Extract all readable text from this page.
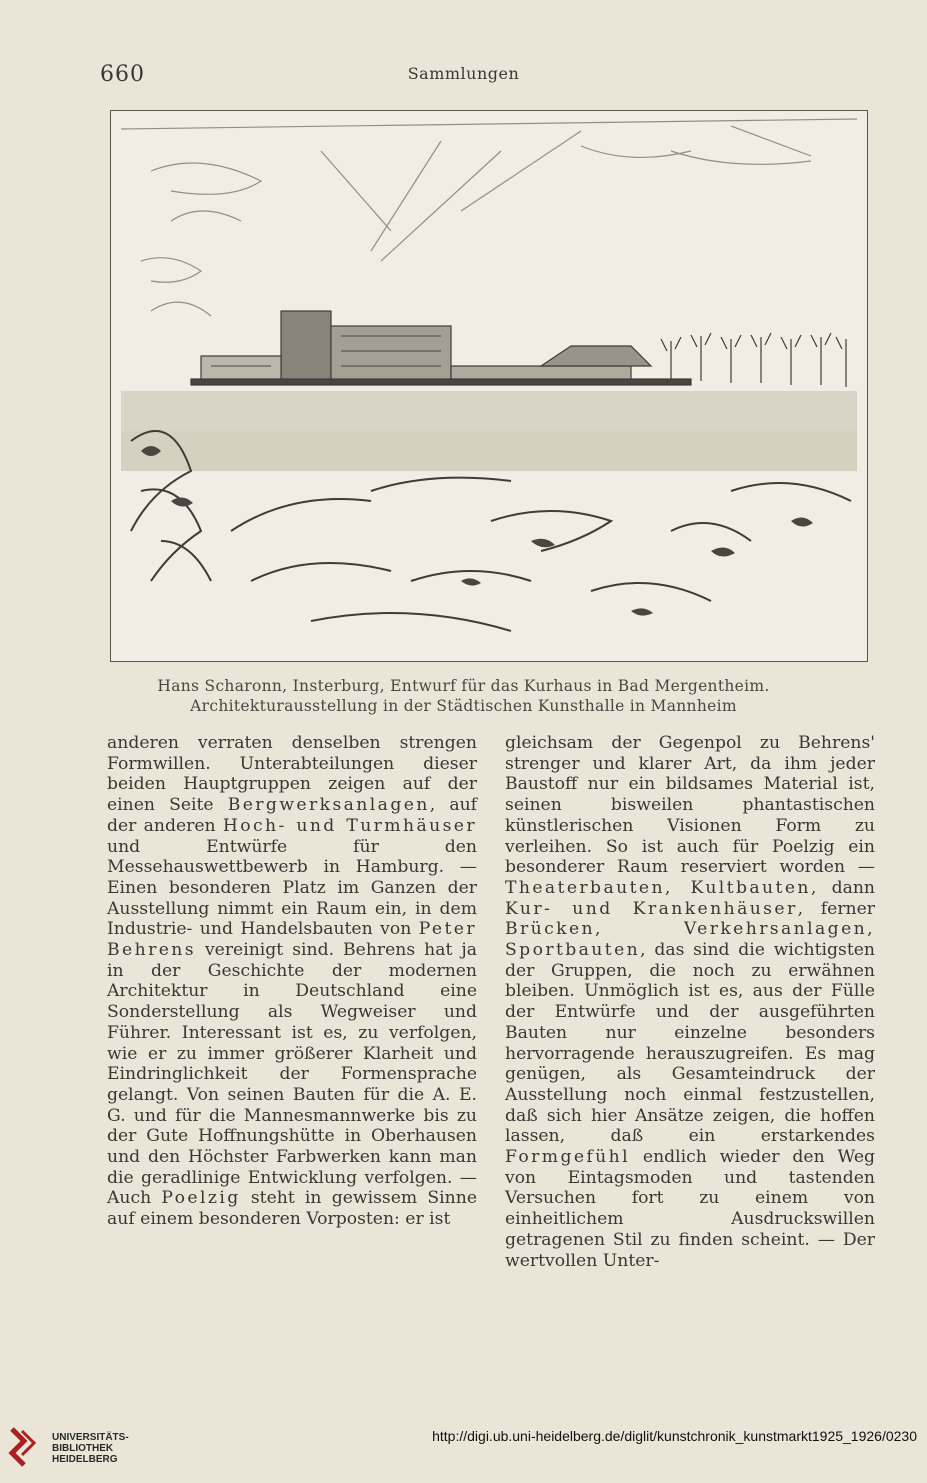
660	Sammlungen
Hans Scharonn, Insterburg, Entwurf für das Kurhaus in Bad Mergentheim.
Architekturausstellung in der Städtischen Kunsthalle in Mannheim

anderen verraten denselben strengen Formwillen. Unterabteilungen dieser beiden Hauptgruppen zeigen auf der einen Seite Bergwerksanlagen, auf der anderen Hoch- und Turmhäuser und Entwürfe für den Messehauswettbewerb in Hamburg. — Einen besonderen Platz im Ganzen der Ausstellung nimmt ein Raum ein, in dem Industrie- und Handelsbauten von Peter Behrens vereinigt sind. Behrens hat ja in der Geschichte der modernen Architektur in Deutschland eine Sonderstellung als Wegweiser und Führer. Interessant ist es, zu verfolgen, wie er zu immer größerer Klarheit und Eindringlichkeit der Formensprache gelangt. Von seinen Bauten für die A. E. G. und für die Mannesmannwerke bis zu der Gute Hoffnungshütte in Oberhausen und den Höchster Farbwerken kann man die geradlinige Entwicklung verfolgen. — Auch Poelzig steht in gewissem Sinne auf einem besonderen Vorposten: er ist

gleichsam der Gegenpol zu Behrens' strenger und klarer Art, da ihm jeder Baustoff nur ein bildsames Material ist, seinen bisweilen phantastischen künstlerischen Visionen Form zu verleihen. So ist auch für Poelzig ein besonderer Raum reserviert worden — Theaterbauten, Kultbauten, dann Kur- und Krankenhäuser, ferner Brücken, Verkehrsanlagen, Sportbauten, das sind die wichtigsten der Gruppen, die noch zu erwähnen bleiben. Unmöglich ist es, aus der Fülle der Entwürfe und der ausgeführten Bauten nur einzelne besonders hervorragende herauszugreifen. Es mag genügen, als Gesamteindruck der Ausstellung noch einmal festzustellen, daß sich hier Ansätze zeigen, die hoffen lassen, daß ein erstarkendes Formgefühl endlich wieder den Weg von Eintagsmoden und tastenden Versuchen fort zu einem von einheitlichem Ausdruckswillen getragenen Stil zu finden scheint. — Der wertvollen Unter-

UNIVERSITÄTS-
BIBLIOTHEK
HEIDELBERG
http://digi.ub.uni-heidelberg.de/diglit/kunstchronik_kunstmarkt1925_1926/0230
